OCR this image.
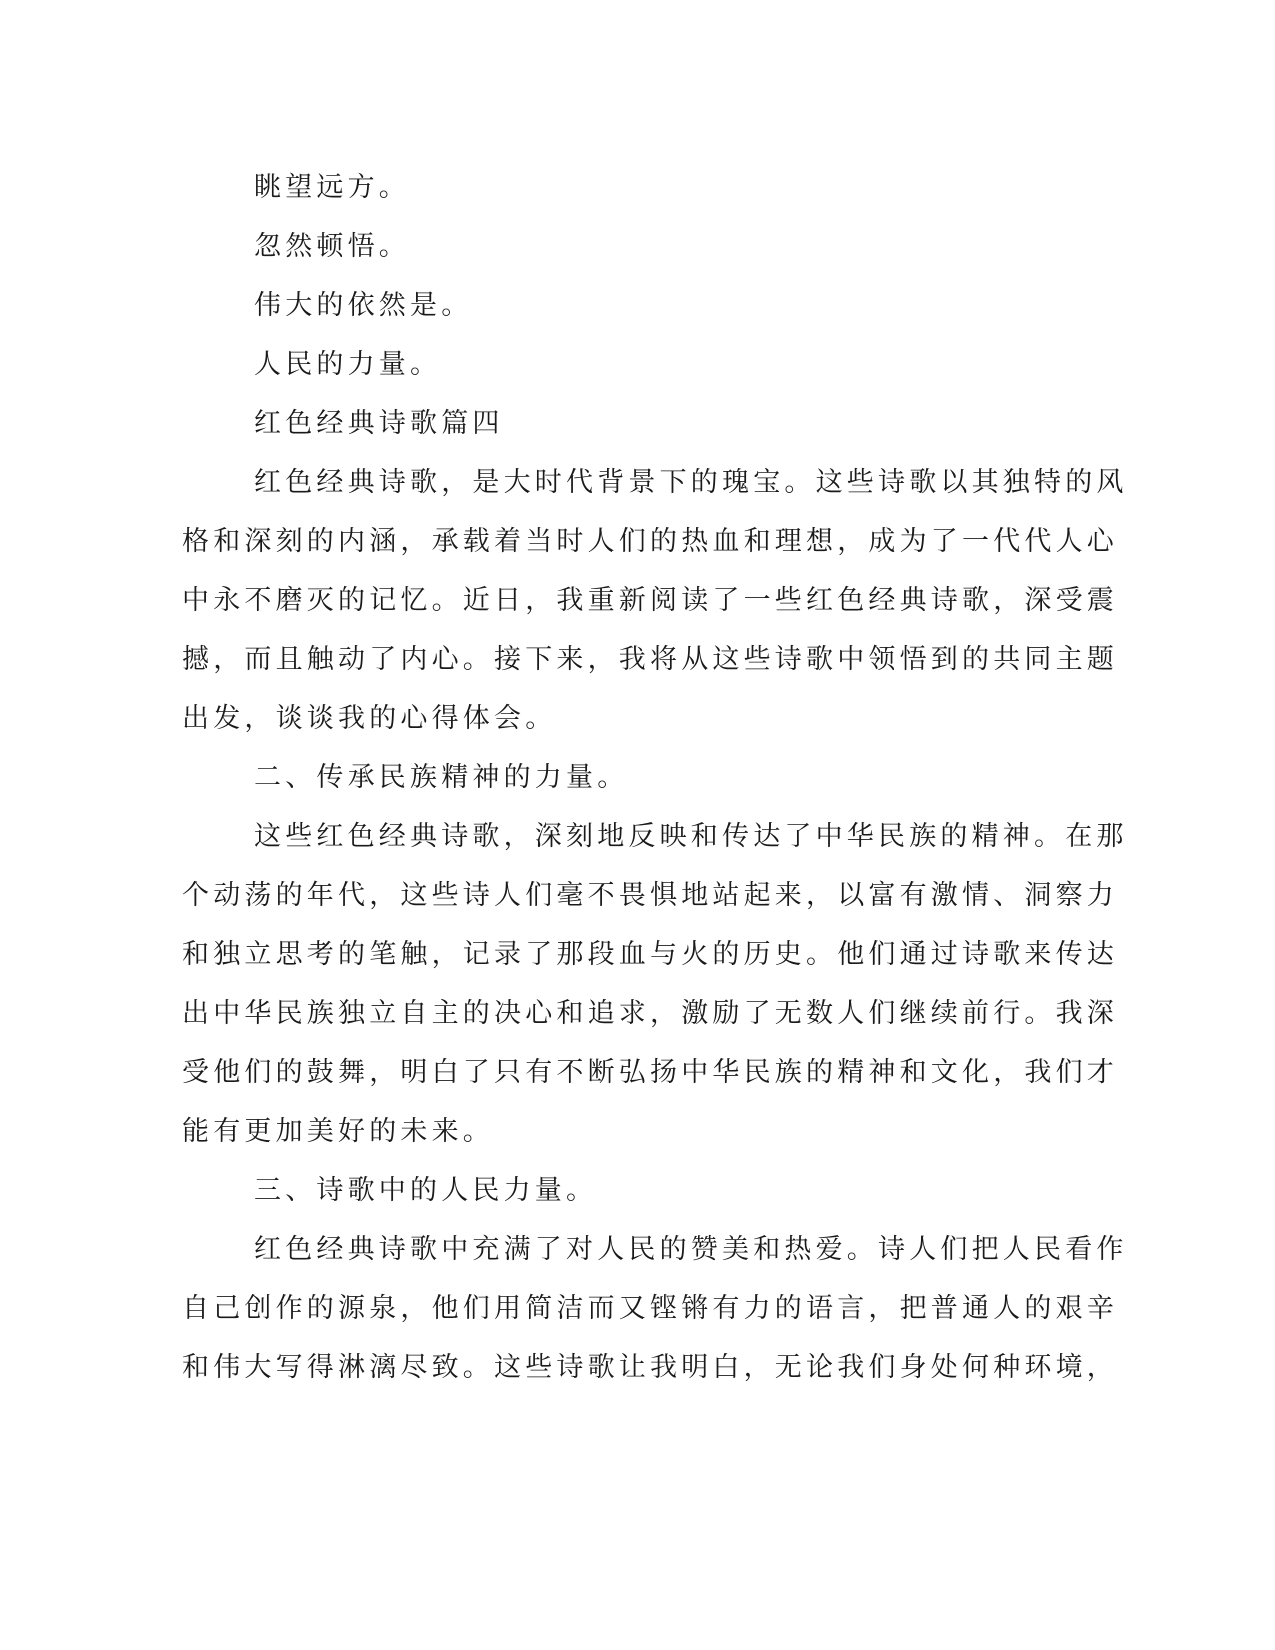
眺望远方。
忽然顿悟。
伟大的依然是。
人民的力量。
红色经典诗歌篇四
红色经典诗歌，是大时代背景下的瑰宝。这些诗歌以其独特的风
格和深刻的内涵，承载着当时人们的热血和理想，成为了一代代人心
中永不磨灭的记忆。近日，我重新阅读了一些红色经典诗歌，深受震
撼，而且触动了内心。接下来，我将从这些诗歌中领悟到的共同主题
出发，谈谈我的心得体会。
二、传承民族精神的力量。
这些红色经典诗歌，深刻地反映和传达了中华民族的精神。在那
个动荡的年代，这些诗人们毫不畏惧地站起来，以富有激情、洞察力
和独立思考的笔触，记录了那段血与火的历史。他们通过诗歌来传达
出中华民族独立自主的决心和追求，激励了无数人们继续前行。我深
受他们的鼓舞，明白了只有不断弘扬中华民族的精神和文化，我们才
能有更加美好的未来。
三、诗歌中的人民力量。
红色经典诗歌中充满了对人民的赞美和热爱。诗人们把人民看作
自己创作的源泉，他们用简洁而又铿锵有力的语言，把普通人的艰辛
和伟大写得淋漓尽致。这些诗歌让我明白，无论我们身处何种环境，
